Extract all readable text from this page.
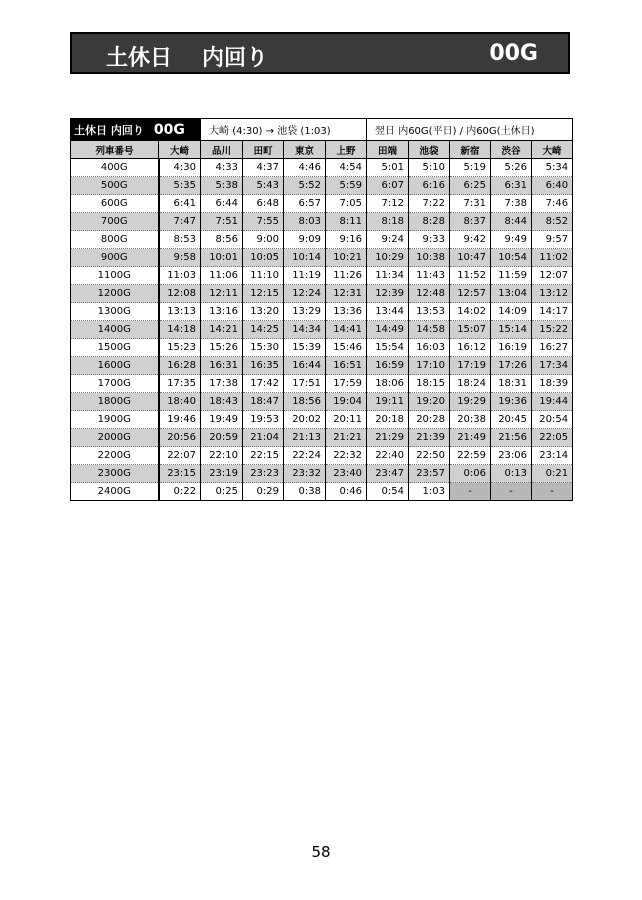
土休日 内回り	00G
土休日 内回り 00G		大崎 (4:30) → 池袋 (1:03)				翌日 内60G(平日) / 内60G(土休日)				
列車番号	大崎	品川	田町	東京	上野	田端	池袋	新宿	渋谷	大崎
400G	4:30	4:33	4:37	4:46	4:54	5:01	5:10	5:19	5:26	5:34
500G	5:35	5:38	5:43	5:52	5:59	6:07	6:16	6:25	6:31	6:40
600G	6:41	6:44	6:48	6:57	7:05	7:12	7:22	7:31	7:38	7:46
700G	7:47	7:51	7:55	8:03	8:11	8:18	8:28	8:37	8:44	8:52
800G	8:53	8:56	9:00	9:09	9:16	9:24	9:33	9:42	9:49	9:57
900G	9:58	10:01	10:05	10:14	10:21	10:29	10:38	10:47	10:54	11:02
1100G	11:03	11:06	11:10	11:19	11:26	11:34	11:43	11:52	11:59	12:07
1200G	12:08	12:11	12:15	12:24	12:31	12:39	12:48	12:57	13:04	13:12
1300G	13:13	13:16	13:20	13:29	13:36	13:44	13:53	14:02	14:09	14:17
1400G	14:18	14:21	14:25	14:34	14:41	14:49	14:58	15:07	15:14	15:22
1500G	15:23	15:26	15:30	15:39	15:46	15:54	16:03	16:12	16:19	16:27
1600G	16:28	16:31	16:35	16:44	16:51	16:59	17:10	17:19	17:26	17:34
1700G	17:35	17:38	17:42	17:51	17:59	18:06	18:15	18:24	18:31	18:39
1800G	18:40	18:43	18:47	18:56	19:04	19:11	19:20	19:29	19:36	19:44
1900G	19:46	19:49	19:53	20:02	20:11	20:18	20:28	20:38	20:45	20:54
2000G	20:56	20:59	21:04	21:13	21:21	21:29	21:39	21:49	21:56	22:05
2200G	22:07	22:10	22:15	22:24	22:32	22:40	22:50	22:59	23:06	23:14
2300G	23:15	23:19	23:23	23:32	23:40	23:47	23:57	0:06	0:13	0:21
2400G	0:22	0:25	0:29	0:38	0:46	0:54	1:03	-	-	-
58
